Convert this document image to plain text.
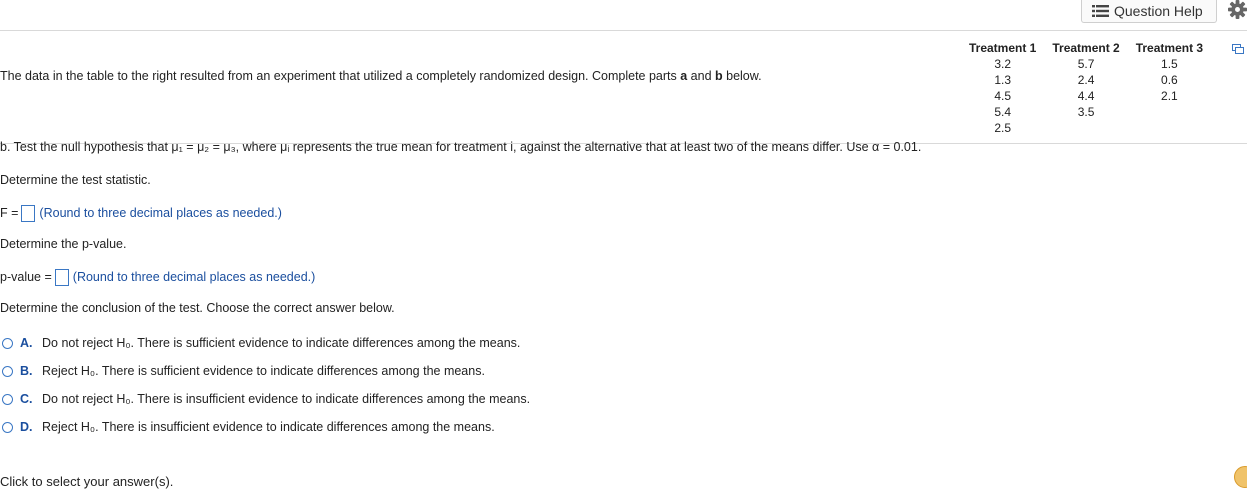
Question Help
The data in the table to the right resulted from an experiment that utilized a completely randomized design. Complete parts a and b below.
Treatment 1	Treatment 2	Treatment 3
3.2	5.7	1.5
1.3	2.4	0.6
4.5	4.4	2.1
5.4	3.5	
2.5		
b. Test the null hypothesis that μ₁ = μ₂ = μ₃, where μᵢ represents the true mean for treatment i, against the alternative that at least two of the means differ. Use α = 0.01.
Determine the test statistic.
F = (Round to three decimal places as needed.)
Determine the p-value.
p-value = (Round to three decimal places as needed.)
Determine the conclusion of the test. Choose the correct answer below.
A. Do not reject H₀. There is sufficient evidence to indicate differences among the means.
B. Reject H₀. There is sufficient evidence to indicate differences among the means.
C. Do not reject H₀. There is insufficient evidence to indicate differences among the means.
D. Reject H₀. There is insufficient evidence to indicate differences among the means.
Click to select your answer(s).
